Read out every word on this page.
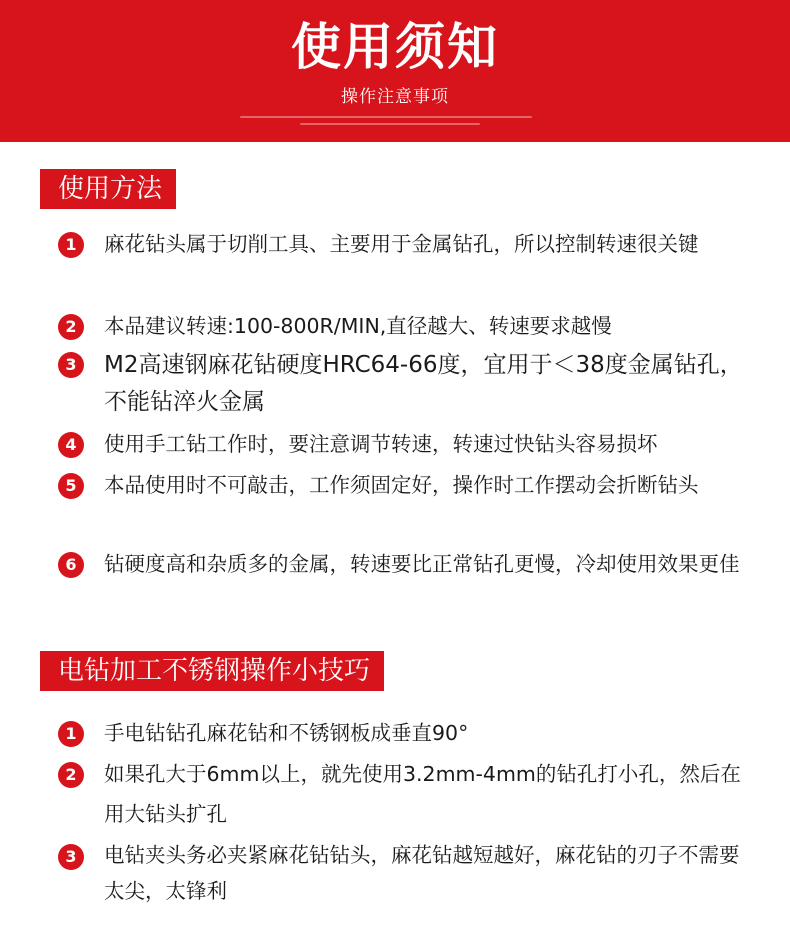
使用须知
操作注意事项
使用方法
1	麻花钻头属于切削工具、主要用于金属钻孔，所以控制转速很关键
2	本品建议转速:100-800R/MIN,直径越大、转速要求越慢
3	M2高速钢麻花钻硬度HRC64-66度，宜用于＜38度金属钻孔，不能钻淬火金属
4	使用手工钻工作时，要注意调节转速，转速过快钻头容易损坏
5	本品使用时不可敲击，工作须固定好，操作时工作摆动会折断钻头
6	钻硬度高和杂质多的金属，转速要比正常钻孔更慢，冷却使用效果更佳
电钻加工不锈钢操作小技巧
1	手电钻钻孔麻花钻和不锈钢板成垂直90°
2	如果孔大于6mm以上，就先使用3.2mm-4mm的钻孔打小孔，然后在用大钻头扩孔
3	电钻夹头务必夹紧麻花钻钻头，麻花钻越短越好，麻花钻的刃子不需要太尖，太锋利
